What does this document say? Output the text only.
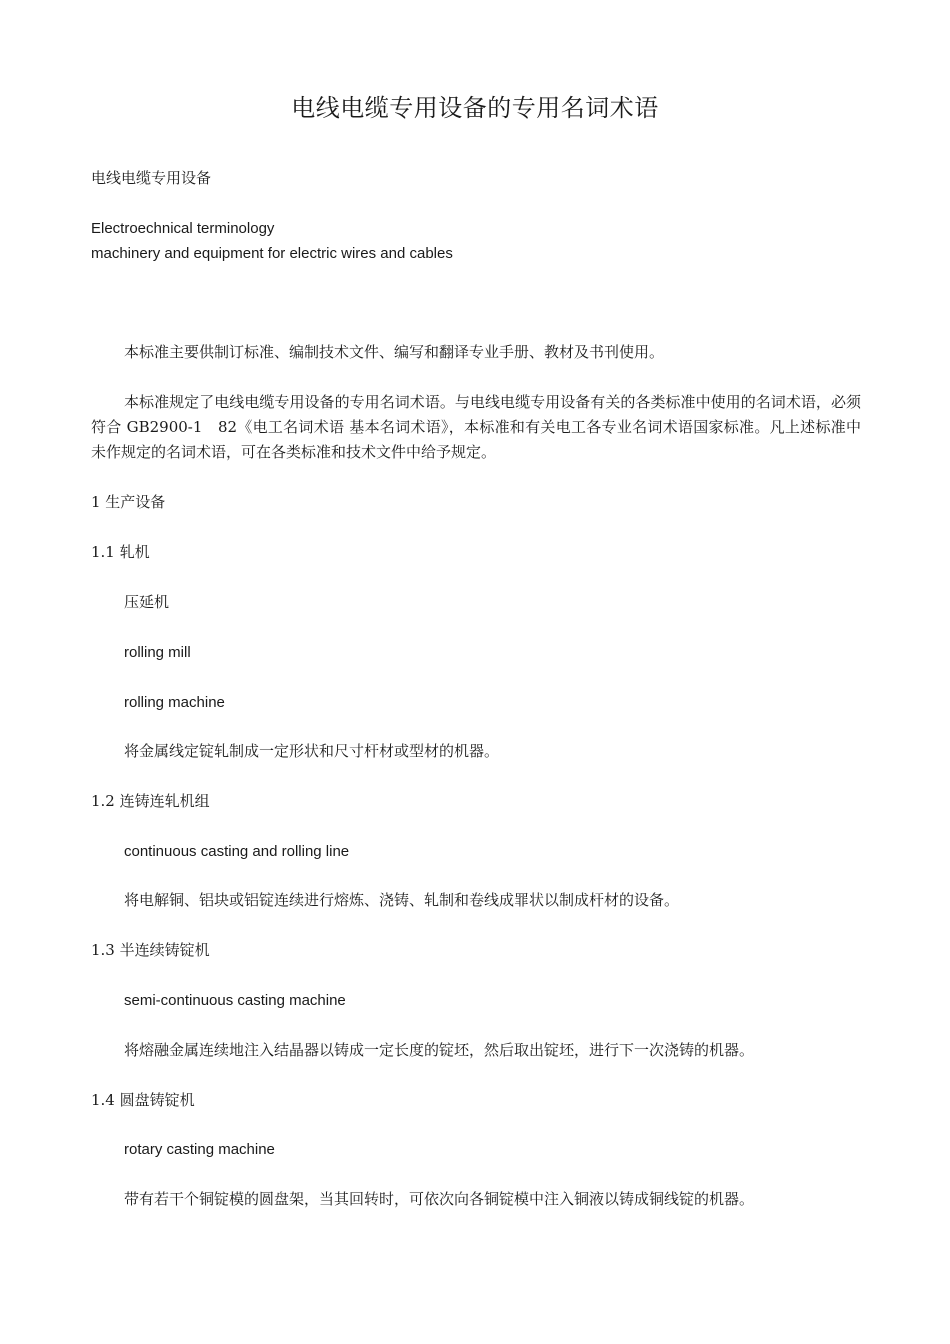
电线电缆专用设备的专用名词术语
电线电缆专用设备
Electroechnical terminology
machinery and equipment for electric wires and cables
本标准主要供制订标准、编制技术文件、编写和翻译专业手册、教材及书刊使用。
本标准规定了电线电缆专用设备的专用名词术语。与电线电缆专用设备有关的各类标准中使用的名词术语，必须符合 GB2900-1　82《电工名词术语 基本名词术语》，本标准和有关电工各专业名词术语国家标准。凡上述标准中未作规定的名词术语，可在各类标准和技术文件中给予规定。
1 生产设备
1.1 轧机
压延机
rolling mill
rolling machine
将金属线定锭轧制成一定形状和尺寸杆材或型材的机器。
1.2 连铸连轧机组
continuous casting and rolling line
将电解铜、铝块或铝锭连续进行熔炼、浇铸、轧制和卷线成罪状以制成杆材的设备。
1.3 半连续铸锭机
semi-continuous casting machine
将熔融金属连续地注入结晶器以铸成一定长度的锭坯，然后取出锭坯，进行下一次浇铸的机器。
1.4 圆盘铸锭机
rotary casting machine
带有若干个铜锭模的圆盘架，当其回转时，可依次向各铜锭模中注入铜液以铸成铜线锭的机器。
